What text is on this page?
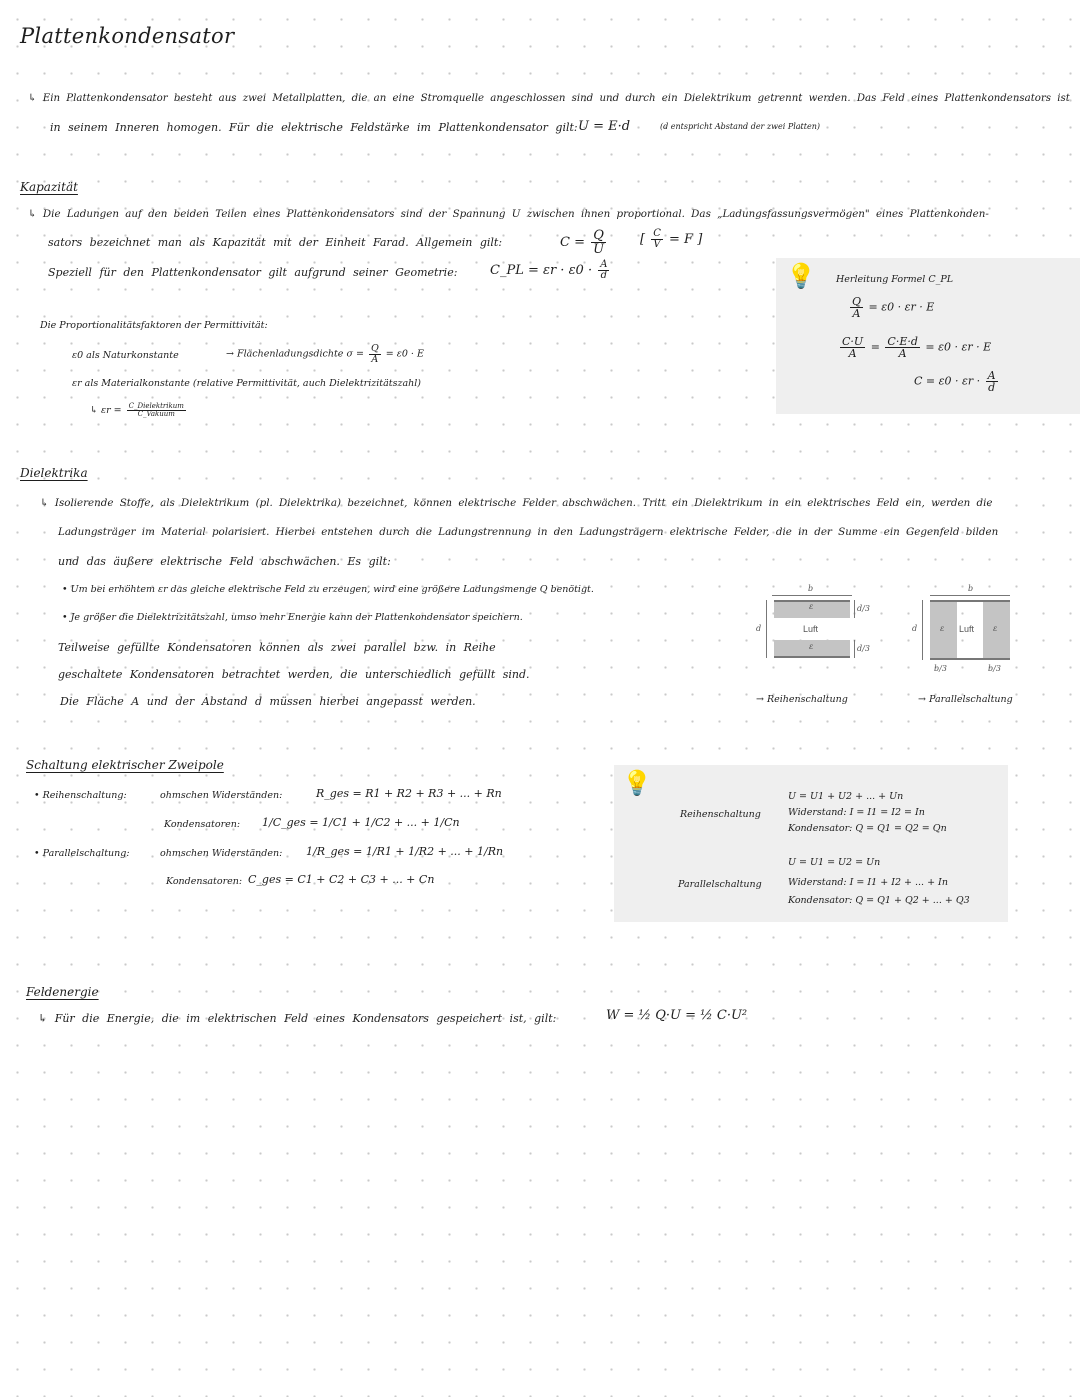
Plattenkondensator
↳ Ein Plattenkondensator besteht aus zwei Metallplatten, die an eine Stromquelle angeschlossen sind und durch ein Dielektrikum getrennt werden. Das Feld eines Plattenkondensators ist
in seinem Inneren homogen. Für die elektrische Feldstärke im Plattenkondensator gilt: U = E·d	(d entspricht Abstand der zwei Platten)
Kapazität
↳ Die Ladungen auf den beiden Teilen eines Plattenkondensators sind der Spannung U zwischen ihnen proportional. Das „Ladungsfassungsvermögen" eines Plattenkonden-
sators bezeichnet man als Kapazität mit der Einheit Farad. Allgemein gilt:	$C = \frac{Q}{U}$	[ $\frac{C}{V} = F$ ]
Speziell für den Plattenkondensator gilt aufgrund seiner Geometrie:	C_PL = $\varepsilon r \cdot \varepsilon 0 \cdot \frac{A}{d}$
Die Proportionalitätsfaktoren der Permittivität:
ε0 als Naturkonstante	→ Flächenladungsdichte $\sigma = \frac{Q}{A} = \varepsilon 0 \cdot E$
εr als Materialkonstante (relative Permittivität, auch Dielektrizitätszahl)
↳ $\varepsilon r = \frac{\text{C\_Dielektrikum}}{\text{C\_Vakuum}}$
💡 Herleitung Formel C_PL
$\frac{Q}{A} = \varepsilon 0 \cdot \varepsilon r \cdot E$
$\frac{C\cdot U}{A} = \frac{C\cdot E\cdot d}{A} = \varepsilon 0 \cdot \varepsilon r \cdot E$
$C = \varepsilon 0 \cdot \varepsilon r \cdot \frac{A}{d}$
Dielektrika
↳ Isolierende Stoffe, als Dielektrikum (pl. Dielektrika) bezeichnet, können elektrische Felder abschwächen. Tritt ein Dielektrikum in ein elektrisches Feld ein, werden die
Ladungsträger im Material polarisiert. Hierbei entstehen durch die Ladungstrennung in den Ladungsträgern elektrische Felder, die in der Summe ein Gegenfeld bilden
und das äußere elektrische Feld abschwächen. Es gilt:
• Um bei erhöhtem εr das gleiche elektrische Feld zu erzeugen, wird eine größere Ladungsmenge Q benötigt.
• Je größer die Dielektrizitätszahl, umso mehr Energie kann der Plattenkondensator speichern.
Teilweise gefüllte Kondensatoren können als zwei parallel bzw. in Reihe
geschaltete Kondensatoren betrachtet werden, die unterschiedlich gefüllt sind.
Die Fläche A und der Abstand d müssen hierbei angepasst werden.
b
ε
Luft
ε
d
d/3
d/3
→ Reihenschaltung
b
ε Luft ε
d
b/3	b/3
→ Parallelschaltung
Schaltung elektrischer Zweipole
• Reihenschaltung:	ohmschen Widerständen:	R_ges = R1 + R2 + R3 + ... + Rn
Kondensatoren: 1/C_ges = 1/C1 + 1/C2 + ... + 1/Cn
• Parallelschaltung:	ohmschen Widerständen: 1/R_ges = 1/R1 + 1/R2 + ... + 1/Rn
Kondensatoren: C_ges = C1 + C2 + C3 + ... + Cn
💡
Reihenschaltung
U = U1 + U2 + ... + Un
Widerstand: I = I1 = I2 = In
Kondensator: Q = Q1 = Q2 = Qn
Parallelschaltung
U = U1 = U2 = Un
Widerstand: I = I1 + I2 + ... + In
Kondensator: Q = Q1 + Q2 + ... + Q3
Feldenergie
↳ Für die Energie, die im elektrischen Feld eines Kondensators gespeichert ist, gilt:	W = ½ Q·U = ½ C·U²
